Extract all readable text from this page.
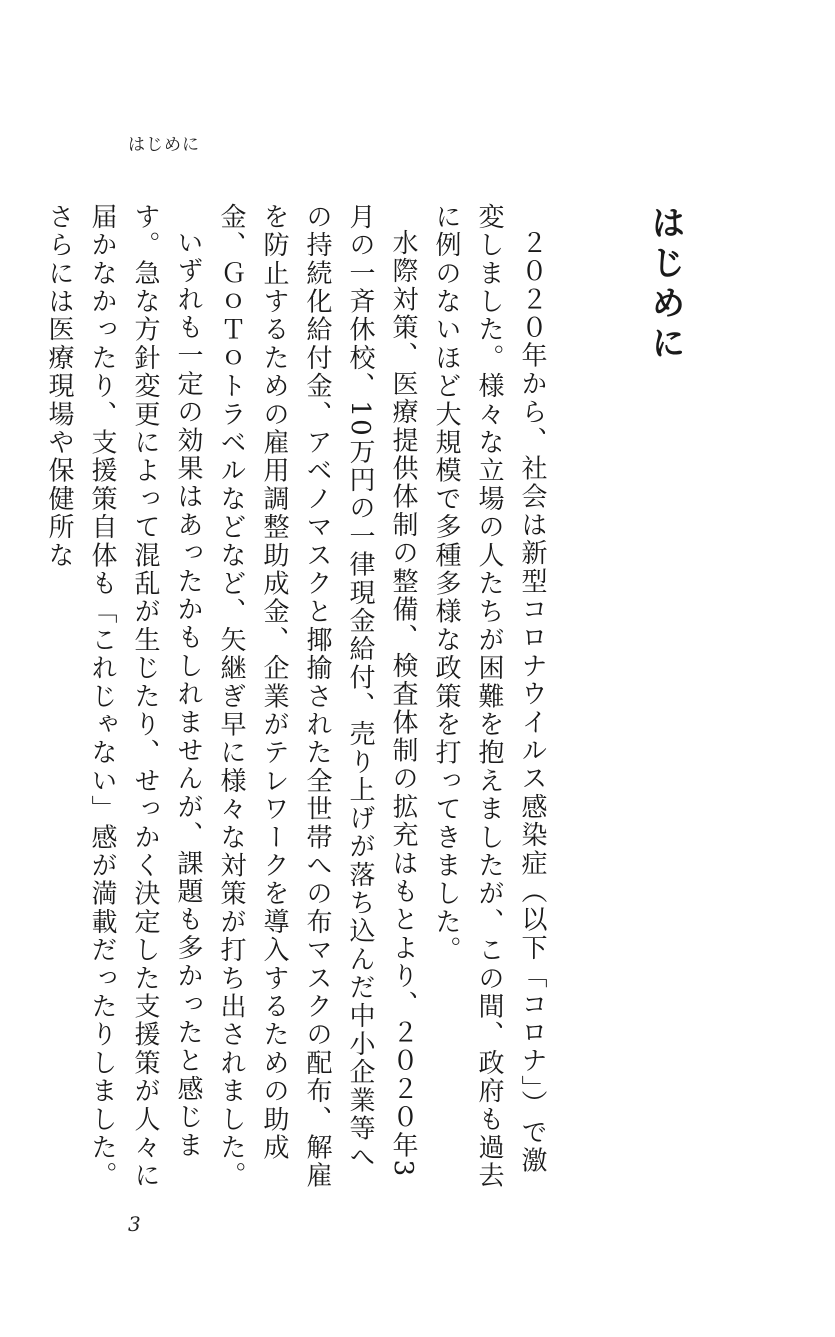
はじめに
はじめに

２０２０年から、社会は新型コロナウイルス感染症（以下「コロナ」）で激変しました。様々な立場の人たちが困難を抱えましたが、この間、政府も過去に例のないほど大規模で多種多様な政策を打ってきました。

水際対策、医療提供体制の整備、検査体制の拡充はもとより、２０２０年3月の一斉休校、10万円の一律現金給付、売り上げが落ち込んだ中小企業等への持続化給付金、アベノマスクと揶揄された全世帯への布マスクの配布、解雇を防止するための雇用調整助成金、企業がテレワークを導入するための助成金、ＧｏＴｏトラベルなどなど、矢継ぎ早に様々な対策が打ち出されました。

いずれも一定の効果はあったかもしれませんが、課題も多かったと感じます。急な方針変更によって混乱が生じたり、せっかく決定した支援策が人々に届かなかったり、支援策自体も「これじゃない」感が満載だったりしました。さらには医療現場や保健所な

3
